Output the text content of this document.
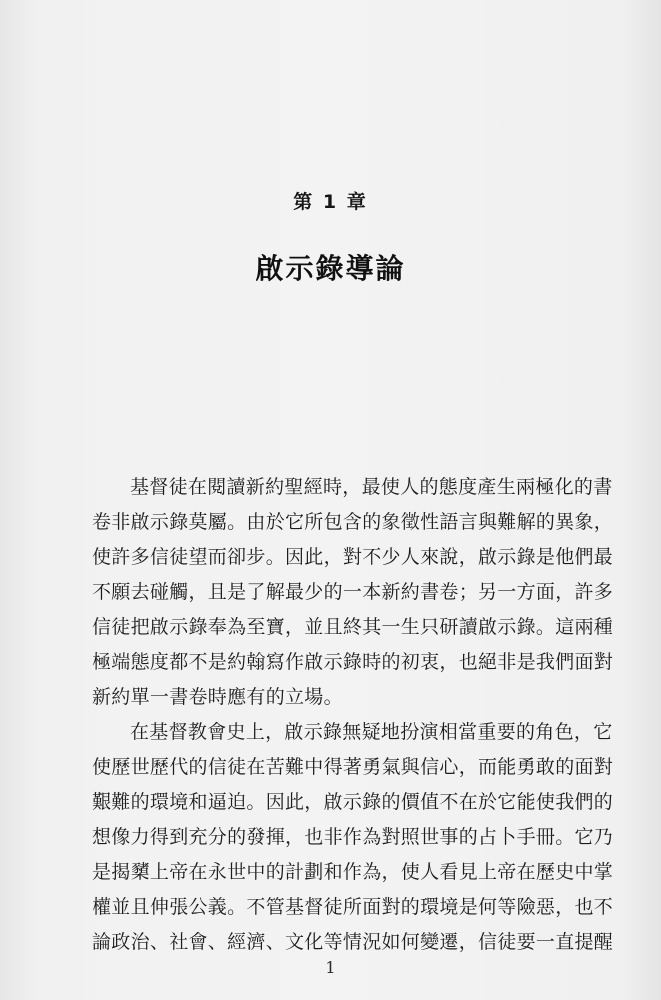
第 1 章
啟示錄導論
基督徒在閱讀新約聖經時，最使人的態度產生兩極化的書
卷非啟示錄莫屬。由於它所包含的象徵性語言與難解的異象，
使許多信徒望而卻步。因此，對不少人來說，啟示錄是他們最
不願去碰觸，且是了解最少的一本新約書卷；另一方面，許多
信徒把啟示錄奉為至寶，並且終其一生只研讀啟示錄。這兩種
極端態度都不是約翰寫作啟示錄時的初衷，也絕非是我們面對
新約單一書卷時應有的立場。
在基督教會史上，啟示錄無疑地扮演相當重要的角色，它
使歷世歷代的信徒在苦難中得著勇氣與信心，而能勇敢的面對
艱難的環境和逼迫。因此，啟示錄的價值不在於它能使我們的
想像力得到充分的發揮，也非作為對照世事的占卜手冊。它乃
是揭櫫上帝在永世中的計劃和作為，使人看見上帝在歷史中掌
權並且伸張公義。不管基督徒所面對的環境是何等險惡，也不
論政治、社會、經濟、文化等情況如何變遷，信徒要一直提醒
1
